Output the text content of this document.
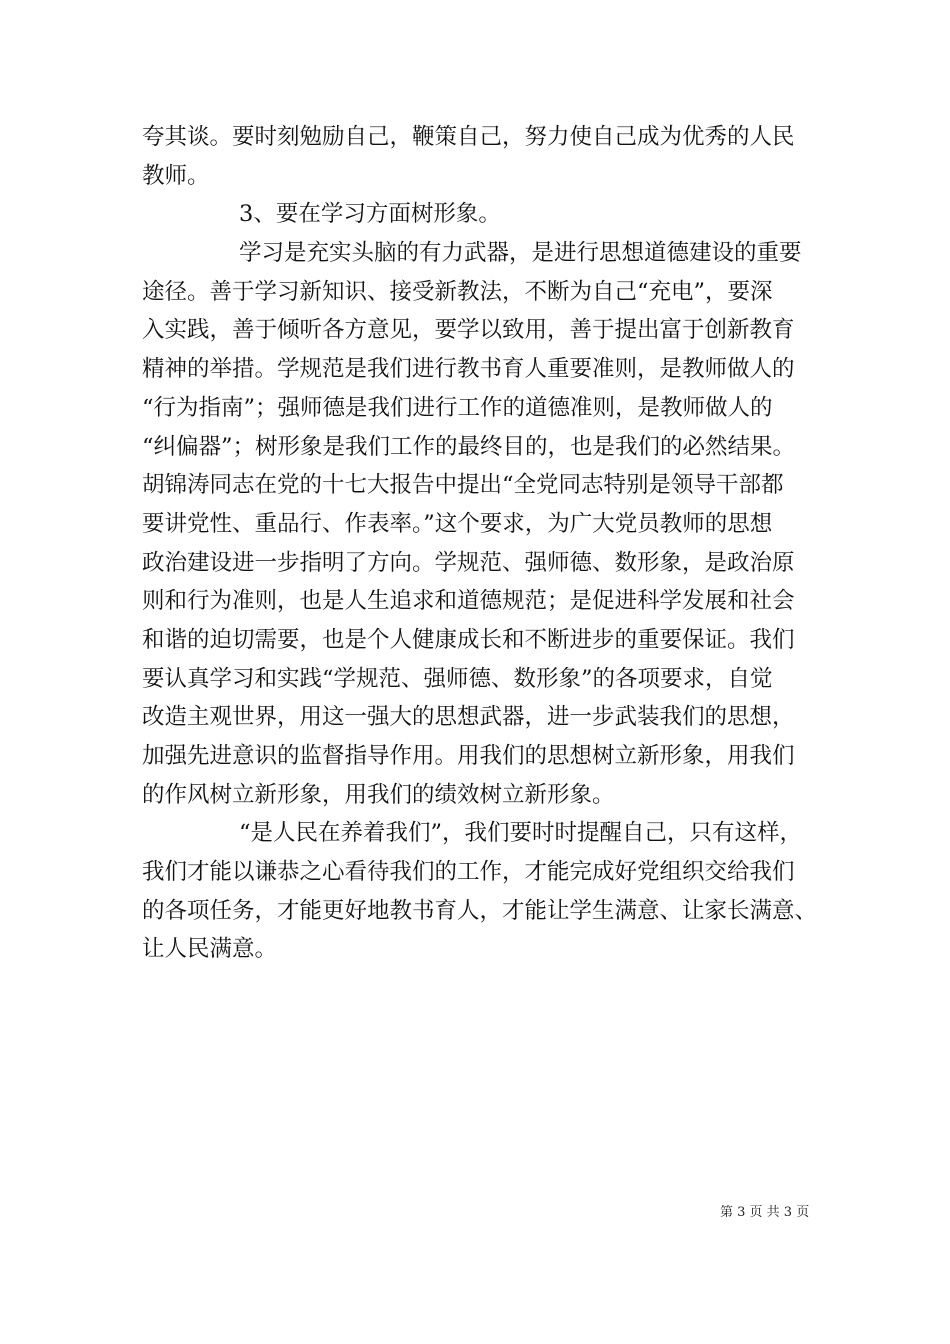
夸其谈。要时刻勉励自己，鞭策自己，努力使自己成为优秀的人民
教师。
3、要在学习方面树形象。
学习是充实头脑的有力武器，是进行思想道德建设的重要
途径。善于学习新知识、接受新教法，不断为自己“充电”，要深
入实践，善于倾听各方意见，要学以致用，善于提出富于创新教育
精神的举措。学规范是我们进行教书育人重要准则，是教师做人的
“行为指南”；强师德是我们进行工作的道德准则，是教师做人的
“纠偏器”；树形象是我们工作的最终目的，也是我们的必然结果。
胡锦涛同志在党的十七大报告中提出“全党同志特别是领导干部都
要讲党性、重品行、作表率。”这个要求，为广大党员教师的思想
政治建设进一步指明了方向。学规范、强师德、数形象，是政治原
则和行为准则，也是人生追求和道德规范；是促进科学发展和社会
和谐的迫切需要，也是个人健康成长和不断进步的重要保证。我们
要认真学习和实践“学规范、强师德、数形象”的各项要求，自觉
改造主观世界，用这一强大的思想武器，进一步武装我们的思想，
加强先进意识的监督指导作用。用我们的思想树立新形象，用我们
的作风树立新形象，用我们的绩效树立新形象。
“是人民在养着我们”，我们要时时提醒自己，只有这样，
我们才能以谦恭之心看待我们的工作，才能完成好党组织交给我们
的各项任务，才能更好地教书育人，才能让学生满意、让家长满意、
让人民满意。
第 3 页 共 3 页
